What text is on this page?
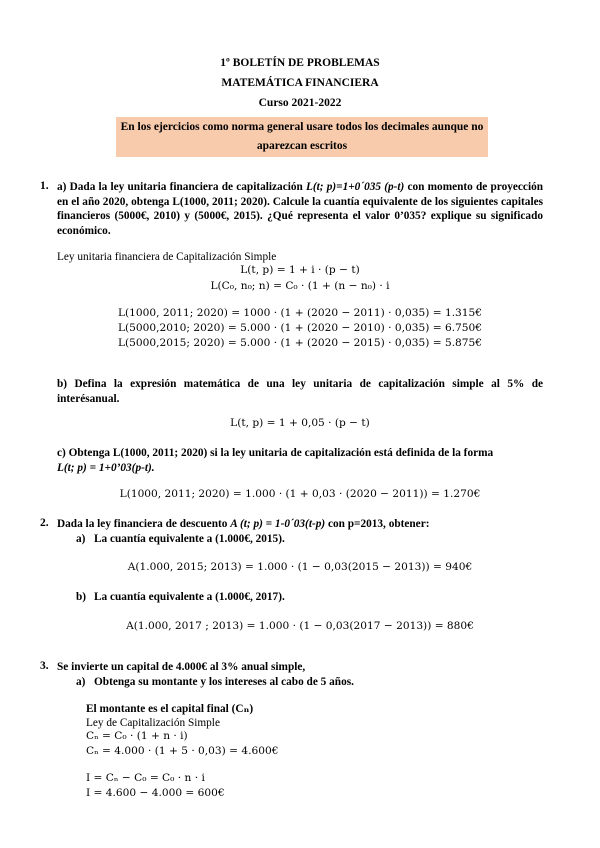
1º BOLETÍN DE PROBLEMAS
MATEMÁTICA FINANCIERA
Curso 2021-2022
En los ejercicios como norma general usare todos los decimales aunque no
aparezcan escritos
1. a) Dada la ley unitaria financiera de capitalización L(t; p)=1+0´035 (p-t) con momento de proyección en el año 2020, obtenga L(1000, 2011; 2020). Calcule la cuantía equivalente de los siguientes capitales financieros (5000€, 2010) y (5000€, 2015). ¿Qué representa el valor 0’035? explique su significado económico.
Ley unitaria financiera de Capitalización Simple
L(t, p) = 1 + i · (p − t)
L(C₀, n₀; n) = C₀ · (1 + (n − n₀) · i
L(1000, 2011; 2020) = 1000 · (1 + (2020 − 2011) · 0,035) = 1.315€
L(5000,2010; 2020) = 5.000 · (1 + (2020 − 2010) · 0,035) = 6.750€
L(5000,2015; 2020) = 5.000 · (1 + (2020 − 2015) · 0,035) = 5.875€
b) Defina la expresión matemática de una ley unitaria de capitalización simple al 5% de interésanual.
L(t, p) = 1 + 0,05 · (p − t)
c) Obtenga L(1000, 2011; 2020) si la ley unitaria de capitalización está definida de la forma
L(t; p) = 1+0’03(p-t).
L(1000, 2011; 2020) = 1.000 · (1 + 0,03 · (2020 − 2011)) = 1.270€
2. Dada la ley financiera de descuento A (t; p) = 1-0´03(t-p) con p=2013, obtener:
a) La cuantía equivalente a (1.000€, 2015).
A(1.000, 2015; 2013) = 1.000 · (1 − 0,03(2015 − 2013)) = 940€
b) La cuantía equivalente a (1.000€, 2017).
A(1.000, 2017 ; 2013) = 1.000 · (1 − 0,03(2017 − 2013)) = 880€
3. Se invierte un capital de 4.000€ al 3% anual simple,
a) Obtenga su montante y los intereses al cabo de 5 años.
El montante es el capital final (Cₙ)
Ley de Capitalización Simple
Cₙ = C₀ · (1 + n · i)
Cₙ = 4.000 · (1 + 5 · 0,03) = 4.600€
I = Cₙ − C₀ = C₀ · n · i
I = 4.600 − 4.000 = 600€
